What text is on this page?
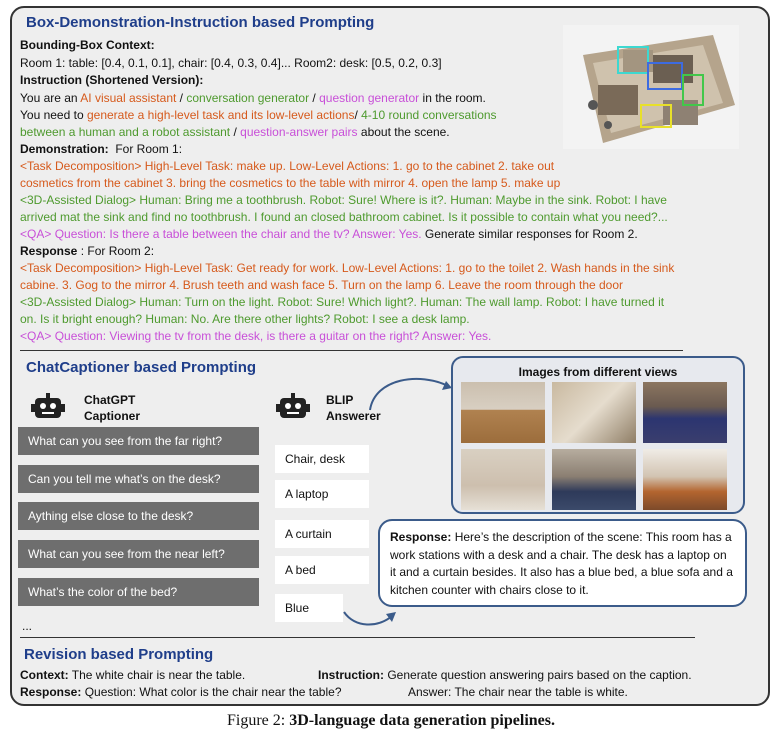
Box-Demonstration-Instruction based Prompting
Bounding-Box Context:
Room 1: table: [0.4, 0.1, 0.1], chair: [0.4, 0.3, 0.4]... Room2: desk: [0.5, 0.2, 0.3]
Instruction (Shortened Version):
You are an AI visual assistant / conversation generator / question generator in the room.
You need to generate a high-level task and its low-level actions/ 4-10 round conversations
between a human and a robot assistant / question-answer pairs about the scene.
Demonstration: For Room 1:
<Task Decomposition> High-Level Task: make up. Low-Level Actions: 1. go to the cabinet 2. take out
cosmetics from the cabinet 3. bring the cosmetics to the table with mirror 4. open the lamp 5. make up
<3D-Assisted Dialog> Human: Bring me a toothbrush. Robot: Sure! Where is it?. Human: Maybe in the sink. Robot: I have
arrived mat the sink and find no toothbrush. I found an closed bathroom cabinet. Is it possible to contain what you need?...
<QA> Question: Is there a table between the chair and the tv? Answer: Yes. Generate similar responses for Room 2.
Response : For Room 2:
<Task Decomposition> High-Level Task: Get ready for work. Low-Level Actions: 1. go to the toilet 2. Wash hands in the sink
cabine. 3. Gog to the mirror 4. Brush teeth and wash face 5. Turn on the lamp 6. Leave the room through the door
<3D-Assisted Dialog> Human: Turn on the light. Robot: Sure! Which light?. Human: The wall lamp. Robot: I have turned it
on. Is it bright enough? Human: No. Are there other lights? Robot: I see a desk lamp.
<QA> Question: Viewing the tv from the desk, is there a guitar on the right? Answer: Yes.
ChatCaptioner based Prompting
ChatGPT
Captioner
BLIP
Answerer
What can you see from the far right?
Can you tell me what’s on the desk?
Aything else close to the desk?
What can you see from the near left?
What’s the color of the bed?
Chair, desk
A laptop
A curtain
A bed
Blue
...
Images from different views
Response: Here’s the description of the scene: This room has a work stations with a desk and a chair. The desk has a laptop on it and a curtain besides. It also has a blue bed, a blue sofa and a kitchen counter with chairs close to it.
Revision based Prompting
Context: The white chair is near the table.	Instruction: Generate question answering pairs based on the caption.
Response: Question: What color is the chair near the table?	Answer: The chair near the table is white.
Figure 2: 3D-language data generation pipelines.
